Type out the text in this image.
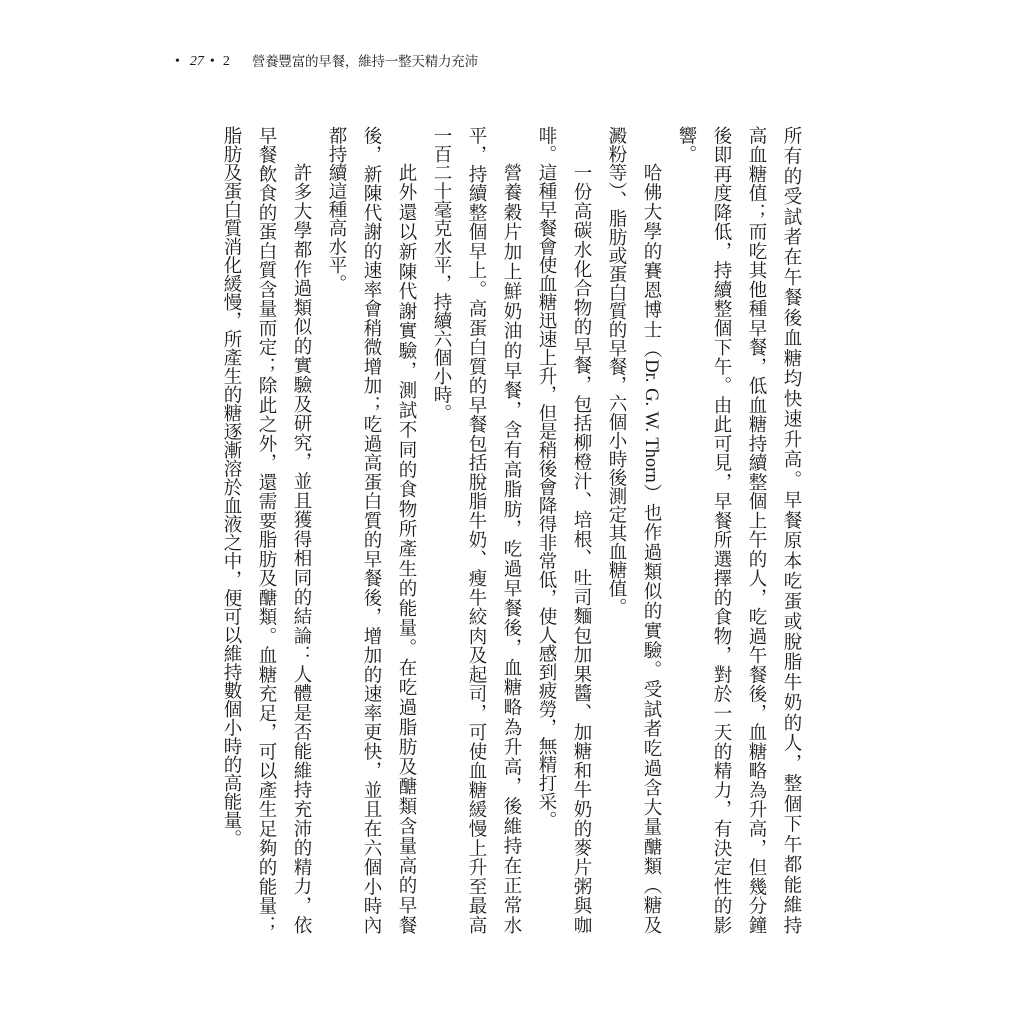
• 27 • 2 營養豐富的早餐，維持一整天精力充沛
所有的受試者在午餐後血糖均快速升高。早餐原本吃蛋或脫脂牛奶的人，整個下午都能維持
高血糖值；而吃其他種早餐，低血糖持續整個上午的人，吃過午餐後，血糖略為升高，但幾分鐘
後即再度降低，持續整個下午。由此可見，早餐所選擇的食物，對於一天的精力，有決定性的影
響。
哈佛大學的賽恩博士（Dr. G. W. Thorn）也作過類似的實驗。受試者吃過含大量醣類（糖及
澱粉等）、脂肪或蛋白質的早餐，六個小時後測定其血糖值。
一份高碳水化合物的早餐，包括柳橙汁、培根、吐司麵包加果醬、加糖和牛奶的麥片粥與咖
啡。這種早餐會使血糖迅速上升，但是稍後會降得非常低，使人感到疲勞，無精打采。
營養穀片加上鮮奶油的早餐，含有高脂肪，吃過早餐後，血糖略為升高，後維持在正常水
平，持續整個早上。高蛋白質的早餐包括脫脂牛奶、瘦牛絞肉及起司，可使血糖緩慢上升至最高
一百二十毫克水平，持續六個小時。
此外還以新陳代謝實驗，測試不同的食物所產生的能量。在吃過脂肪及醣類含量高的早餐
後，新陳代謝的速率會稍微增加；吃過高蛋白質的早餐後，增加的速率更快，並且在六個小時內
都持續這種高水平。
許多大學都作過類似的實驗及研究，並且獲得相同的結論：人體是否能維持充沛的精力，依
早餐飲食的蛋白質含量而定；除此之外，還需要脂肪及醣類。血糖充足，可以產生足夠的能量；
脂肪及蛋白質消化緩慢，所產生的糖逐漸溶於血液之中，便可以維持數個小時的高能量。
